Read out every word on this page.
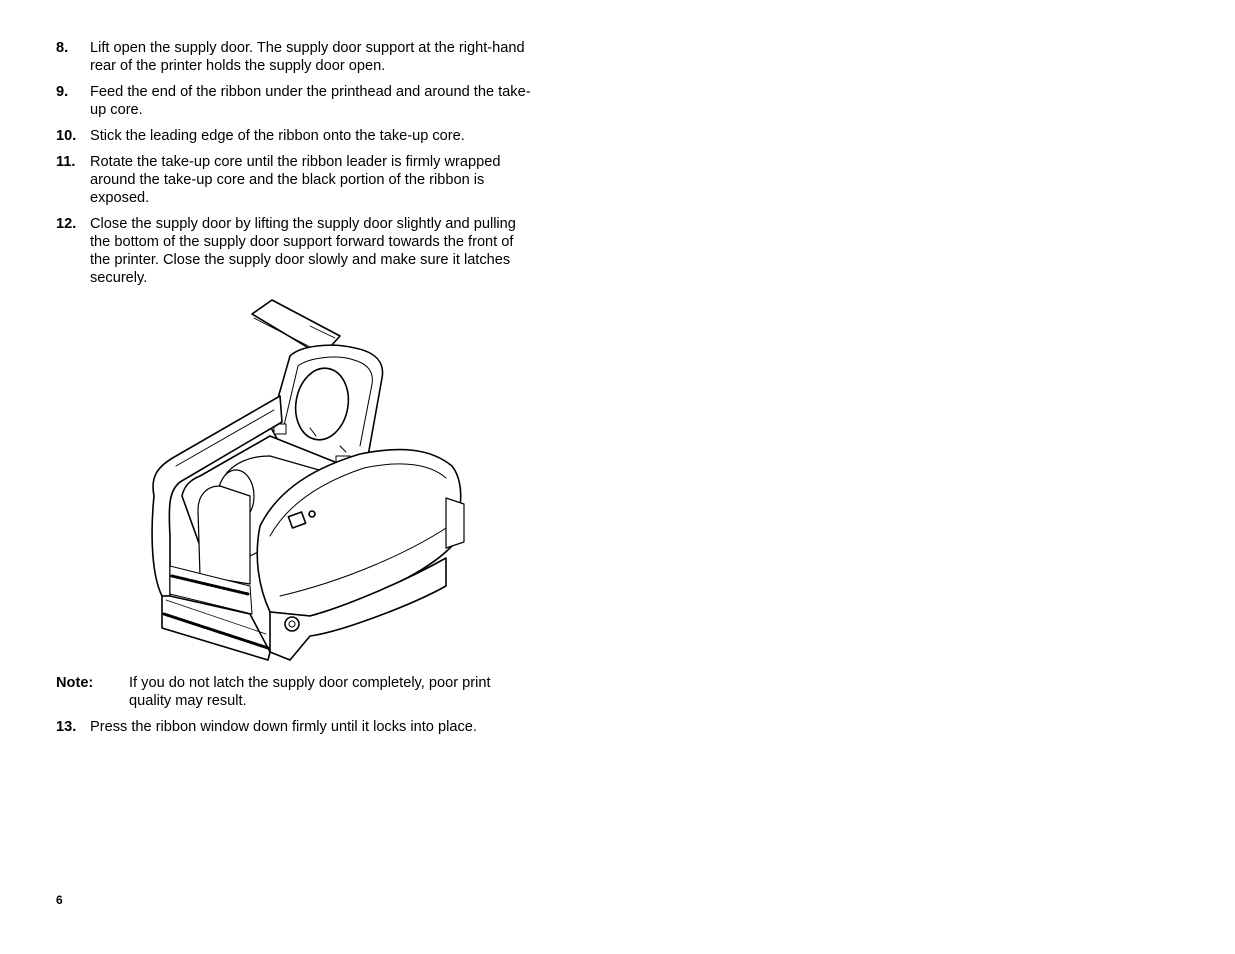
8.	Lift open the supply door. The supply door support at the right-hand rear of the printer holds the supply door open.
9.	Feed the end of the ribbon under the printhead and around the take-up core.
10. Stick the leading edge of the ribbon onto the take-up core.
11. Rotate the take-up core until the ribbon leader is firmly wrapped around the take-up core and the black portion of the ribbon is exposed.
12. Close the supply door by lifting the supply door slightly and pulling the bottom of the supply door support forward towards the front of the printer. Close the supply door slowly and make sure it latches securely.
Note:	If you do not latch the supply door completely, poor print quality may result.
13. Press the ribbon window down firmly until it locks into place.
6
